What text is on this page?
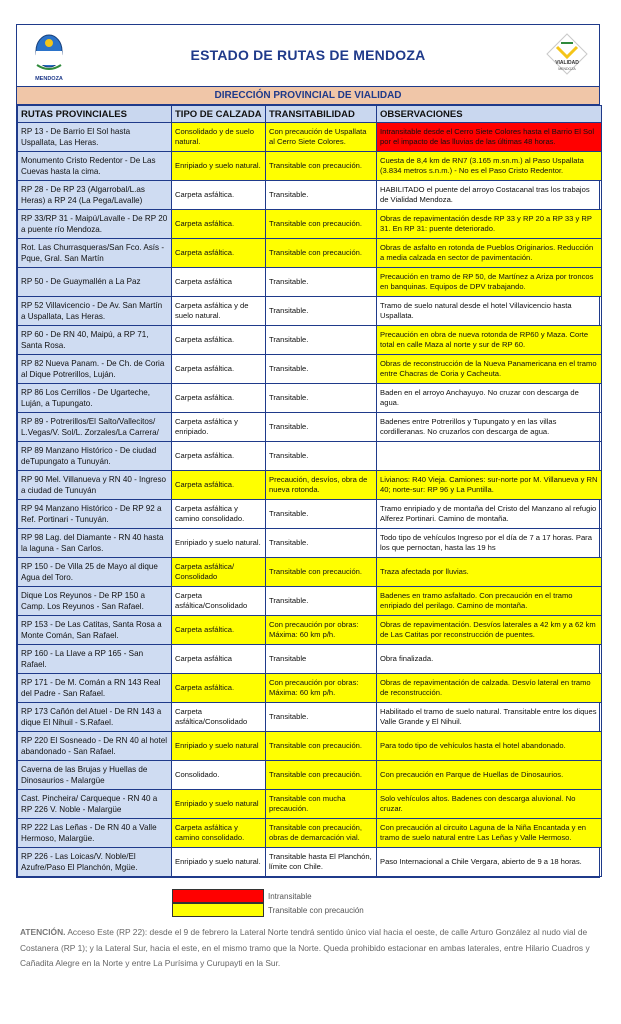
MENDOZA
ESTADO DE RUTAS DE MENDOZA	VIALIDAD
MENDOZA
DIRECCIÓN PROVINCIAL DE VIALIDAD
RUTAS PROVINCIALES	TIPO DE CALZADA	TRANSITABILIDAD	OBSERVACIONES
RP 13 - De Barrio El Sol hasta Uspallata, Las Heras.	Consolidado y de suelo natural.	Con precaución de Uspallata al Cerro Siete Colores.	Intransitable desde el Cerro Siete Colores hasta el Barrio El Sol por el impacto de las lluvias de las últimas 48 horas.
Monumento Cristo Redentor - De Las Cuevas hasta la cima.	Enripiado y suelo natural.	Transitable con precaución.	Cuesta de 8,4 km de RN7 (3.165 m.sn.m.) al Paso Uspallata (3.834 metros s.n.m.) - No es el Paso Cristo Redentor.
RP 28 - De RP 23 (Algarrobal/L.as Heras) a RP 24 (La Pega/Lavalle)	Carpeta asfáltica.	Transitable.	HABILITADO el puente del arroyo Costacanal tras los trabajos de Vialidad Mendoza.
RP 33/RP 31 - Maipú/Lavalle - De RP 20 a puente río Mendoza.	Carpeta asfáltica.	Transitable con precaución.	Obras de repavimentación desde RP 33 y RP 20 a RP 33 y RP 31. En RP 31: puente deteriorado.
Rot. Las Churrasqueras/San Fco. Asís - Pque, Gral. San Martín	Carpeta asfáltica.	Transitable con precaución.	Obras de asfalto en rotonda de Pueblos Originarios. Reducción a media calzada en sector de pavimentación.
RP 50 - De Guaymallén a La Paz	Carpeta asfáltica	Transitable.	Precaución en tramo de RP 50, de Martínez a Ariza por troncos en banquinas. Equipos de DPV trabajando.
RP 52 Villavicencio - De Av. San Martín a Uspallata, Las Heras.	Carpeta asfáltica y de suelo natural.	Transitable.	Tramo de suelo natural desde el hotel Villavicencio hasta Uspallata.
RP 60 - De RN 40, Maipú, a RP 71, Santa Rosa.	Carpeta asfáltica.	Transitable.	Precaución en obra de nueva rotonda de RP60 y Maza. Corte total en calle Maza al norte y sur de RP 60.
RP 82 Nueva Panam. - De Ch. de Coria al Dique Potrerillos, Luján.	Carpeta asfáltica.	Transitable.	Obras de reconstrucción de la Nueva Panamericana en el tramo entre Chacras de Coria y Cacheuta.
RP 86 Los Cerrillos - De Ugarteche, Luján, a Tupungato.	Carpeta asfáltica.	Transitable.	Baden en el arroyo Anchayuyo. No cruzar con descarga de agua.
RP 89 - Potrerillos/El Salto/Vallecitos/ L.Vegas/V. Sol/L. Zorzales/La Carrera/	Carpeta asfáltica y enripiado.	Transitable.	Badenes entre Potrerillos y Tupungato y en las villas cordilleranas. No cruzarlos con descarga de agua.
RP 89 Manzano Histórico - De ciudad deTupungato a Tunuyán.	Carpeta asfáltica.	Transitable.	
RP 90 Mel. Villanueva y RN 40 - Ingreso a ciudad de Tunuyán	Carpeta asfáltica.	Precaución, desvíos, obra de nueva rotonda.	Livianos: R40 Vieja. Camiones: sur-norte por M. Villanueva y RN 40; norte-sur: RP 96 y La Puntilla.
RP 94 Manzano Histórico - De RP 92 a Ref. Portinari - Tunuyán.	Carpeta asfáltica y camino consolidado.	Transitable.	Tramo enripiado y de montaña del Cristo del Manzano al refugio Alferez Portinari. Camino de montaña.
RP 98 Lag. del Diamante - RN 40 hasta la laguna - San Carlos.	Enripiado y suelo natural.	Transitable.	Todo tipo de vehículos Ingreso por el día de 7 a 17 horas. Para los que pernoctan, hasta las 19 hs
RP 150 - De Villa 25 de Mayo al dique Agua del Toro.	Carpeta asfáltica/ Consolidado	Transitable con precaución.	Traza afectada por lluvias.
Dique Los Reyunos - De RP 150 a Camp. Los Reyunos - San Rafael.	Carpeta asfáltica/Consolidado	Transitable.	Badenes en tramo asfaltado. Con precaución en el tramo enripiado del perilago. Camino de montaña.
RP 153 - De Las Catitas, Santa Rosa a Monte Comán, San Rafael.	Carpeta asfáltica.	Con precaución por obras: Máxima: 60 km p/h.	Obras de repavimentación. Desvíos laterales a 42 km y a 62 km de Las Catitas por reconstrucción de puentes.
RP 160 - La Llave a RP 165 - San Rafael.	Carpeta asfáltica	Transitable	Obra finalizada.
RP 171 - De M. Comán a RN 143 Real del Padre - San Rafael.	Carpeta asfáltica.	Con precaución por obras: Máxima: 60 km p/h.	Obras de repavimentación de calzada. Desvío lateral en tramo de reconstrucción.
RP 173 Cañón del Atuel - De RN 143 a dique El Nihuil - S.Rafael.	Carpeta asfáltica/Consolidado	Transitable.	Habilitado el tramo de suelo natural. Transitable entre los diques Valle Grande y El Nihuil.
RP 220 El Sosneado - De RN 40 al hotel abandonado - San Rafael.	Enripiado y suelo natural	Transitable con precaución.	Para todo tipo de vehículos hasta el hotel abandonado.
Caverna de las Brujas y Huellas de Dinosaurios - Malargüe	Consolidado.	Transitable con precaución.	Con precaución en Parque de Huellas de Dinosaurios.
Cast. Pincheira/ Carqueque - RN 40 a RP 226 V. Noble - Malargüe	Enripiado y suelo natural	Transitable con mucha precaución.	Solo vehículos altos. Badenes con descarga aluvional. No cruzar.
RP 222 Las Leñas - De RN 40 a Valle Hermoso, Malargüe.	Carpeta asfáltica y camino consolidado.	Transitable con precaución, obras de demarcación vial.	Con precaución al circuito Laguna de la Niña Encantada y en tramo de suelo natural entre Las Leñas y Valle Hermoso.
RP 226 - Las Loicas/V. Noble/El Azufre/Paso El Planchón, Mgüe.	Enripiado y suelo natural.	Transitable hasta El Planchón, límite con Chile.	Paso Internacional a Chile Vergara, abierto de 9 a 18 horas.
Intransitable
Transitable con precaución
ATENCIÓN. Acceso Este (RP 22): desde el 9 de febrero la Lateral Norte tendrá sentido único vial hacia el oeste, de calle Arturo González al nudo vial de Costanera (RP 1); y la Lateral Sur, hacia el este, en el mismo tramo que la Norte. Queda prohibido estacionar en ambas laterales, entre Hilario Cuadros y Cañadita Alegre en la Norte y entre La Purísima y Curupayti en la Sur.
